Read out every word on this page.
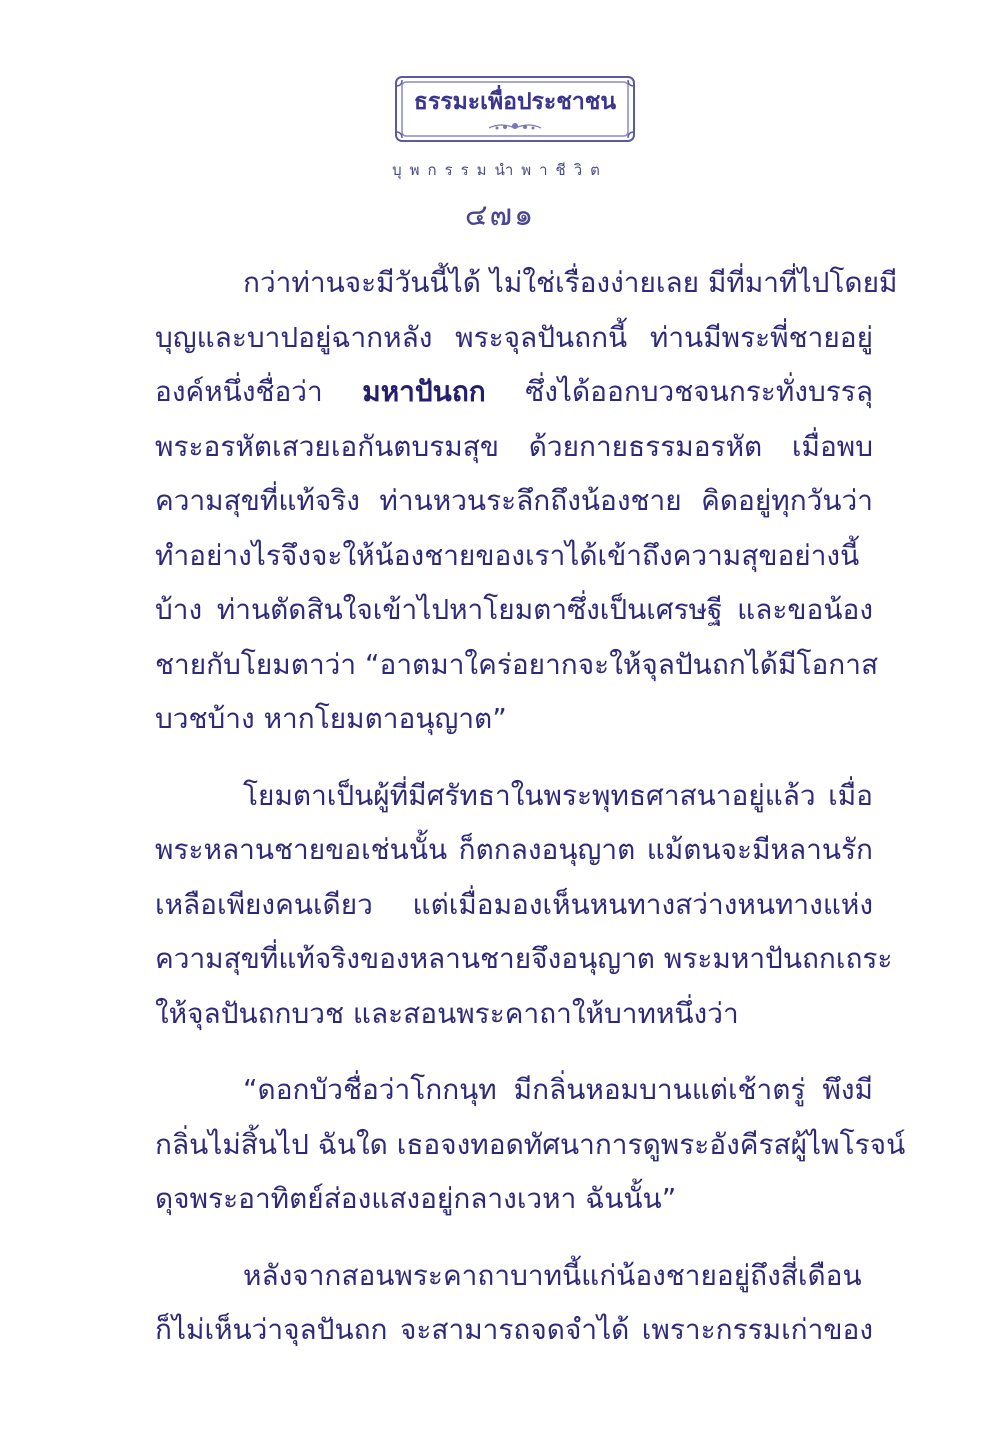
ธรรมะเพื่อประชาชน
บุพกรรมนำพาชีวิต
๔๗๑
กว่าท่านจะมีวันนี้ได้ ไม่ใช่เรื่องง่ายเลย มีที่มาที่ไปโดยมี
บุญและบาปอยู่ฉากหลัง พระจุลปันถกนี้ ท่านมีพระพี่ชายอยู่
องค์หนึ่งชื่อว่า มหาปันถก ซึ่งได้ออกบวชจนกระทั่งบรรลุ
พระอรหัตเสวยเอกันตบรมสุข ด้วยกายธรรมอรหัต เมื่อพบ
ความสุขที่แท้จริง ท่านหวนระลึกถึงน้องชาย คิดอยู่ทุกวันว่า
ทำอย่างไรจึงจะให้น้องชายของเราได้เข้าถึงความสุขอย่างนี้
บ้าง ท่านตัดสินใจเข้าไปหาโยมตาซึ่งเป็นเศรษฐี และขอน้อง
ชายกับโยมตาว่า “อาตมาใคร่อยากจะให้จุลปันถกได้มีโอกาส
บวชบ้าง หากโยมตาอนุญาต”
โยมตาเป็นผู้ที่มีศรัทธาในพระพุทธศาสนาอยู่แล้ว เมื่อ
พระหลานชายขอเช่นนั้น ก็ตกลงอนุญาต แม้ตนจะมีหลานรัก
เหลือเพียงคนเดียว แต่เมื่อมองเห็นหนทางสว่างหนทางแห่ง
ความสุขที่แท้จริงของหลานชายจึงอนุญาต พระมหาปันถกเถระ
ให้จุลปันถกบวช และสอนพระคาถาให้บาทหนึ่งว่า
“ดอกบัวชื่อว่าโกกนุท มีกลิ่นหอมบานแต่เช้าตรู่ พึงมี
กลิ่นไม่สิ้นไป ฉันใด เธอจงทอดทัศนาการดูพระอังคีรสผู้ไพโรจน์
ดุจพระอาทิตย์ส่องแสงอยู่กลางเวหา ฉันนั้น”
หลังจากสอนพระคาถาบาทนี้แก่น้องชายอยู่ถึงสี่เดือน
ก็ไม่เห็นว่าจุลปันถก จะสามารถจดจำได้ เพราะกรรมเก่าของ
